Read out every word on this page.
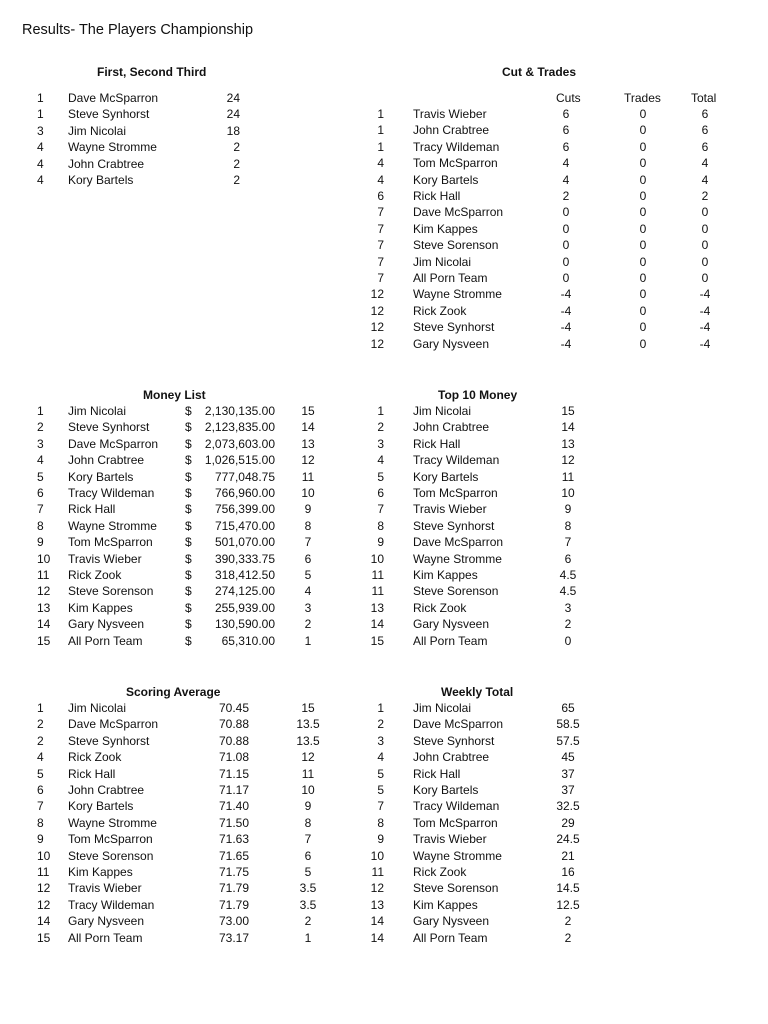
Results- The Players Championship
First, Second Third
1	Dave McSparron	24
1	Steve Synhorst	24
3	Jim Nicolai	18
4	Wayne Stromme	2
4	John Crabtree	2
4	Kory Bartels	2
Cut & Trades
Cuts	Trades	Total
1 Travis Wieber	6	0	6
1 John Crabtree	6	0	6
1 Tracy Wildeman	6	0	6
4 Tom McSparron	4	0	4
4 Kory Bartels	4	0	4
6 Rick Hall	2	0	2
7 Dave McSparron	0	0	0
7 Kim Kappes	0	0	0
7 Steve Sorenson	0	0	0
7 Jim Nicolai	0	0	0
7 All Porn Team	0	0	0
12 Wayne Stromme	-4	0	-4
12 Rick Zook	-4	0	-4
12 Steve Synhorst	-4	0	-4
12 Gary Nysveen	-4	0	-4
Money List
1	Jim Nicolai	$	2,130,135.00	15
2	Steve Synhorst	$	2,123,835.00	14
3	Dave McSparron	$	2,073,603.00	13
4	John Crabtree	$	1,026,515.00	12
5	Kory Bartels	$	777,048.75	11
6	Tracy Wildeman	$	766,960.00	10
7	Rick Hall	$	756,399.00	9
8	Wayne Stromme	$	715,470.00	8
9	Tom McSparron	$	501,070.00	7
10	Travis Wieber	$	390,333.75	6
11	Rick Zook	$	318,412.50	5
12	Steve Sorenson	$	274,125.00	4
13	Kim Kappes	$	255,939.00	3
14	Gary Nysveen	$	130,590.00	2
15	All Porn Team	$	65,310.00	1
Top 10 Money
1 Jim Nicolai	15
2 John Crabtree	14
3 Rick Hall	13
4 Tracy Wildeman	12
5 Kory Bartels	11
6 Tom McSparron	10
7 Travis Wieber	9
8 Steve Synhorst	8
9 Dave McSparron	7
10 Wayne Stromme	6
11 Kim Kappes	4.5
11 Steve Sorenson	4.5
13 Rick Zook	3
14 Gary Nysveen	2
15 All Porn Team	0
Scoring Average
1	Jim Nicolai	70.45	15
2	Dave McSparron	70.88	13.5
2	Steve Synhorst	70.88	13.5
4	Rick Zook	71.08	12
5	Rick Hall	71.15	11
6	John Crabtree	71.17	10
7	Kory Bartels	71.40	9
8	Wayne Stromme	71.50	8
9	Tom McSparron	71.63	7
10	Steve Sorenson	71.65	6
11	Kim Kappes	71.75	5
12	Travis Wieber	71.79	3.5
12	Tracy Wildeman	71.79	3.5
14	Gary Nysveen	73.00	2
15	All Porn Team	73.17	1
Weekly Total
1 Jim Nicolai	65
2 Dave McSparron	58.5
3 Steve Synhorst	57.5
4 John Crabtree	45
5 Rick Hall	37
5 Kory Bartels	37
7 Tracy Wildeman	32.5
8 Tom McSparron	29
9 Travis Wieber	24.5
10 Wayne Stromme	21
11 Rick Zook	16
12 Steve Sorenson	14.5
13 Kim Kappes	12.5
14 Gary Nysveen	2
14 All Porn Team	2
